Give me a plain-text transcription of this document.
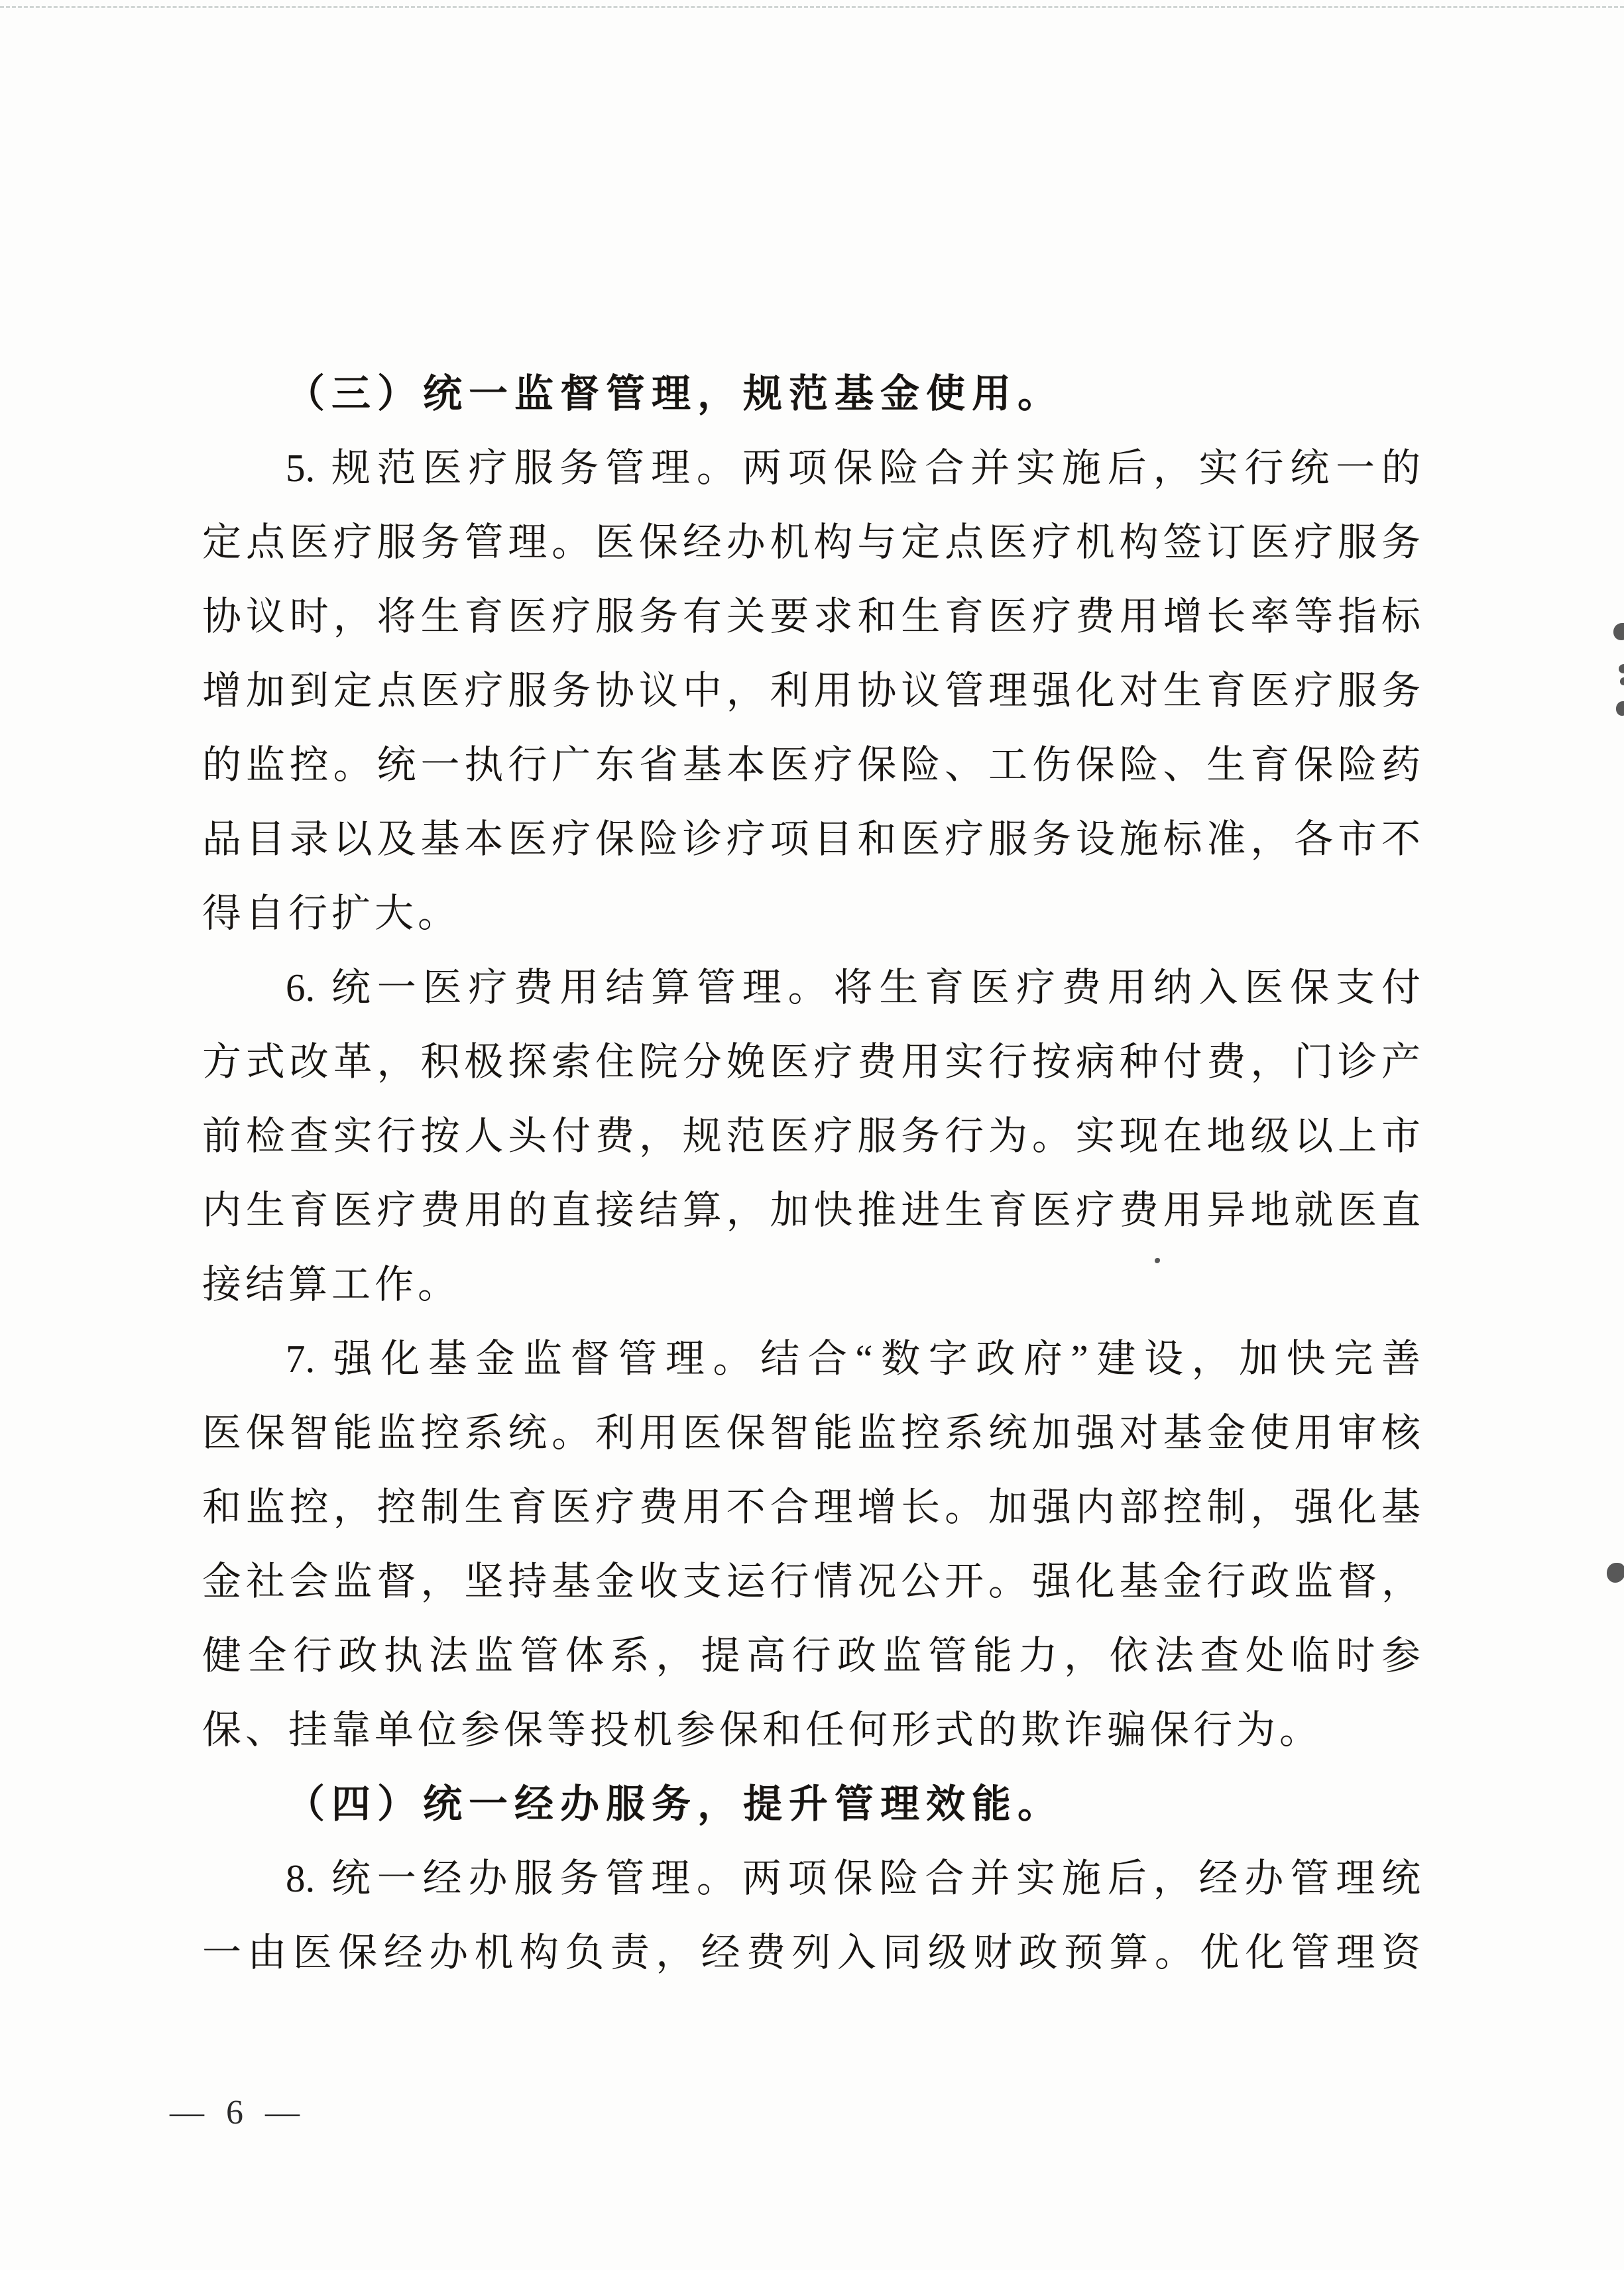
（三）统一监督管理，规范基金使用。
5. 规范医疗服务管理。两项保险合并实施后，实行统一的
定点医疗服务管理。医保经办机构与定点医疗机构签订医疗服务
协议时，将生育医疗服务有关要求和生育医疗费用增长率等指标
增加到定点医疗服务协议中，利用协议管理强化对生育医疗服务
的监控。统一执行广东省基本医疗保险、工伤保险、生育保险药
品目录以及基本医疗保险诊疗项目和医疗服务设施标准，各市不
得自行扩大。
6. 统一医疗费用结算管理。将生育医疗费用纳入医保支付
方式改革，积极探索住院分娩医疗费用实行按病种付费，门诊产
前检查实行按人头付费，规范医疗服务行为。实现在地级以上市
内生育医疗费用的直接结算，加快推进生育医疗费用异地就医直
接结算工作。
7. 强化基金监督管理。结合“数字政府”建设，加快完善
医保智能监控系统。利用医保智能监控系统加强对基金使用审核
和监控，控制生育医疗费用不合理增长。加强内部控制，强化基
金社会监督，坚持基金收支运行情况公开。强化基金行政监督，
健全行政执法监管体系，提高行政监管能力，依法查处临时参
保、挂靠单位参保等投机参保和任何形式的欺诈骗保行为。
（四）统一经办服务，提升管理效能。
8. 统一经办服务管理。两项保险合并实施后，经办管理统
一由医保经办机构负责，经费列入同级财政预算。优化管理资
— 6 —
